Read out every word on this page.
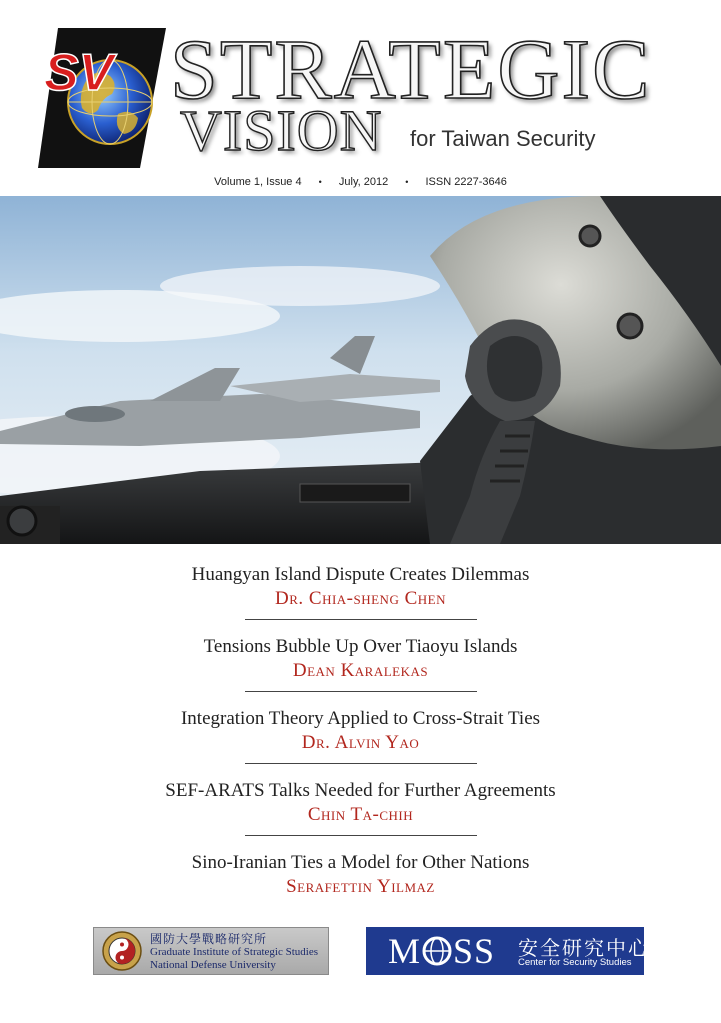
SV STRATEGIC
VISION for Taiwan Security
Volume 1, Issue 4 • July, 2012 • ISSN 2227-3646
Huangyan Island Dispute Creates Dilemmas
Dr. Chia-sheng Chen
Tensions Bubble Up Over Tiaoyu Islands
Dean Karalekas
Integration Theory Applied to Cross-Strait Ties
Dr. Alvin Yao
SEF-ARATS Talks Needed for Further Agreements
Chin Ta-chih
Sino-Iranian Ties a Model for Other Nations
Serafettin Yilmaz
國防大學戰略研究所
Graduate Institute of Strategic Studies
National Defense University	M SS 安全研究中心
Center for Security Studies
